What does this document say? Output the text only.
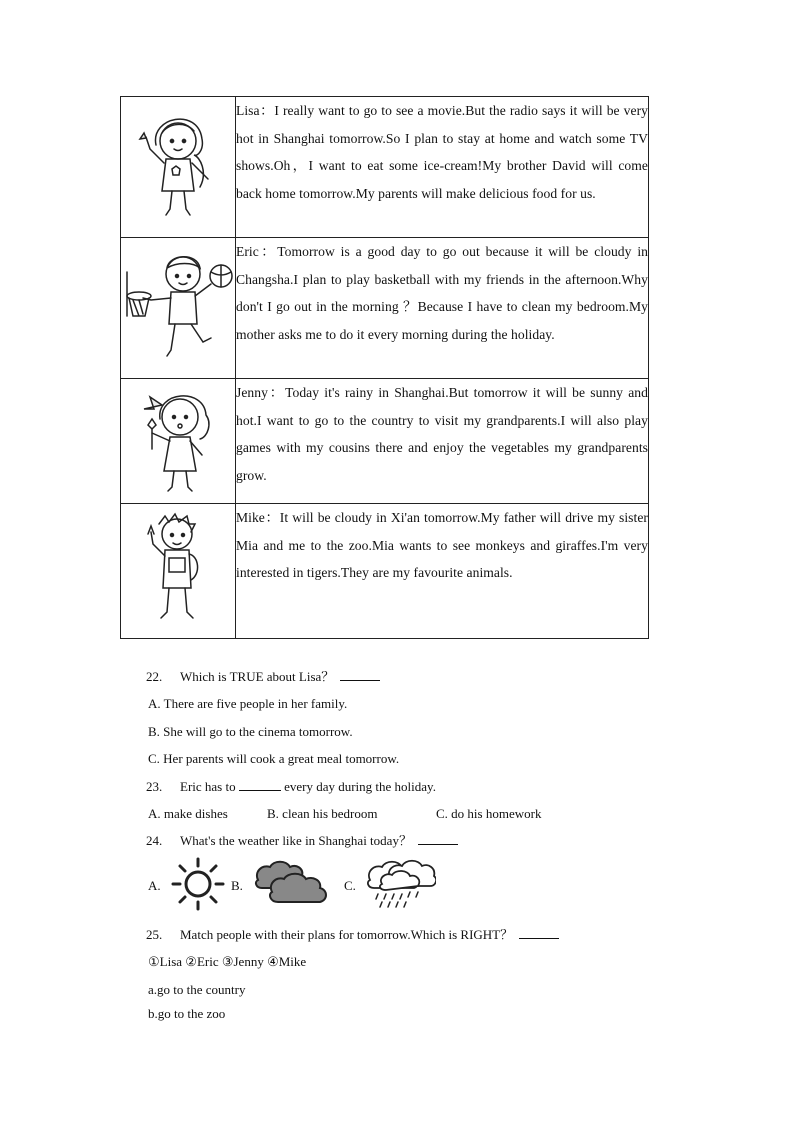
	Lisa：I really want to go to see a movie.But the radio says it will be very hot in Shanghai tomorrow.So I plan to stay at home and watch some TV shows.Oh，I want to eat some ice-cream!My brother David will come back home tomorrow.My parents will make delicious food for us.

	Eric：Tomorrow is a good day to go out because it will be cloudy in Changsha.I plan to play basketball with my friends in the afternoon.Why don't I go out in the morning ？Because I have to clean my bedroom.My mother asks me to do it every morning during the holiday.

	Jenny：Today it's rainy in Shanghai.But tomorrow it will be sunny and hot.I want to go to the country to visit my grandparents.I will also play games with my cousins there and enjoy the vegetables my grandparents grow.

	Mike：It will be cloudy in Xi'an tomorrow.My father will drive my sister Mia and me to the zoo.Mia wants to see monkeys and giraffes.I'm very interested in tigers.They are my favourite animals.
22. Which is TRUE about Lisa？
A. There are five people in her family.
B. She will go to the cinema tomorrow.
C. Her parents will cook a great meal tomorrow.
23. Eric has to	every day during the holiday.
A. make dishes	B. clean his bedroom	C. do his homework
24. What's the weather like in Shanghai today？
A.	B.	C.
25. Match people with their plans for tomorrow.Which is RIGHT？
①Lisa ②Eric ③Jenny ④Mike
a.go to the country
b.go to the zoo
